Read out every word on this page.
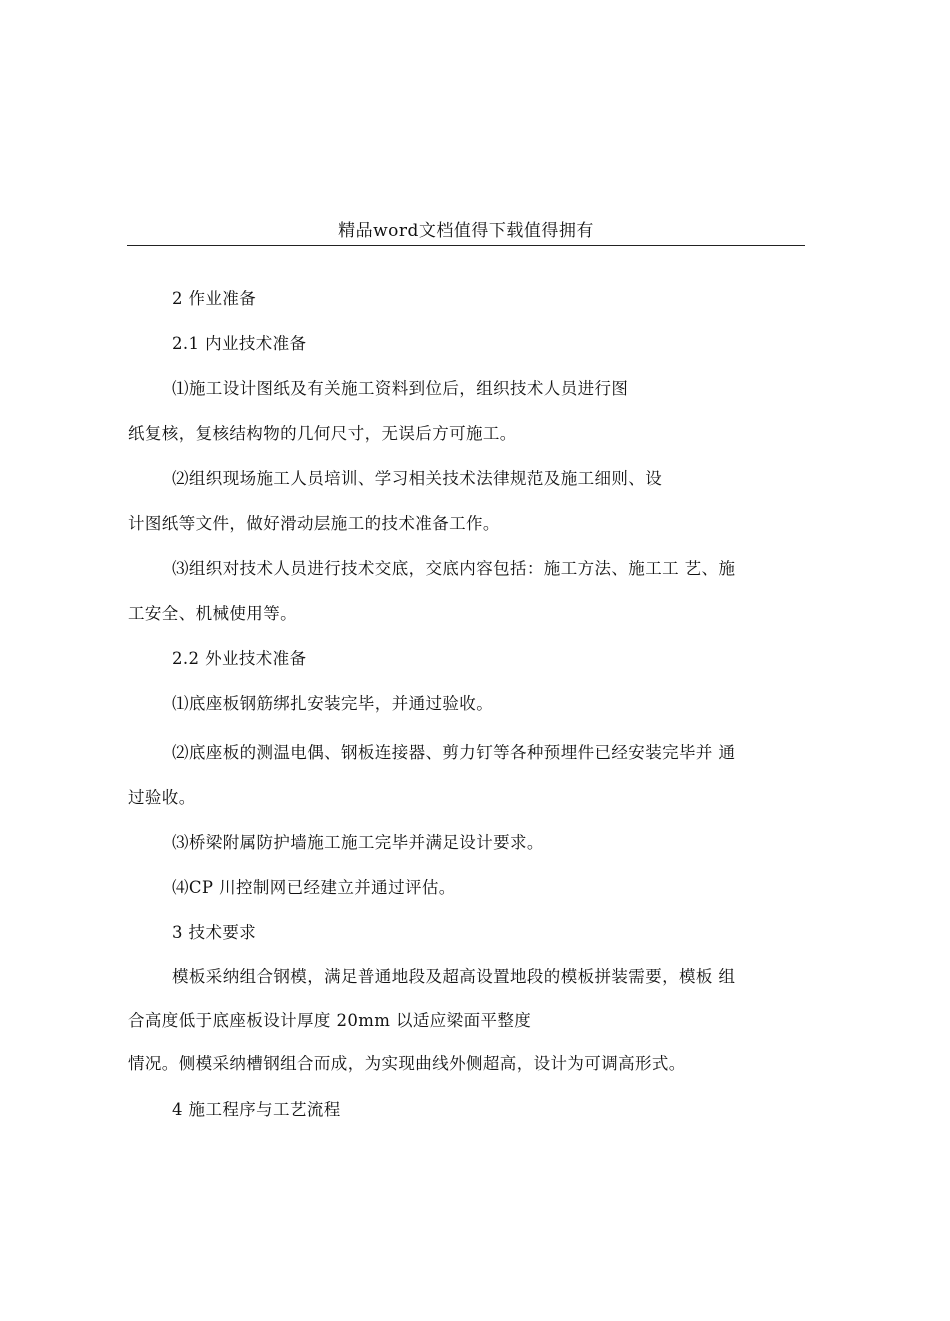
精品word文档值得下载值得拥有
2 作业准备
2.1 内业技术准备
⑴施工设计图纸及有关施工资料到位后，组织技术人员进行图
纸复核，复核结构物的几何尺寸，无误后方可施工。
⑵组织现场施工人员培训、学习相关技术法律规范及施工细则、设
计图纸等文件，做好滑动层施工的技术准备工作。
⑶组织对技术人员进行技术交底，交底内容包括：施工方法、施工工 艺、施
工安全、机械使用等。
2.2 外业技术准备
⑴底座板钢筋绑扎安装完毕，并通过验收。
⑵底座板的测温电偶、钢板连接器、剪力钉等各种预埋件已经安装完毕并 通
过验收。
⑶桥梁附属防护墙施工施工完毕并满足设计要求。
⑷CP 川控制网已经建立并通过评估。
3 技术要求
模板采纳组合钢模，满足普通地段及超高设置地段的模板拼装需要，模板 组
合高度低于底座板设计厚度 20mm 以适应梁面平整度
情况。侧模采纳槽钢组合而成，为实现曲线外侧超高，设计为可调高形式。
4 施工程序与工艺流程
